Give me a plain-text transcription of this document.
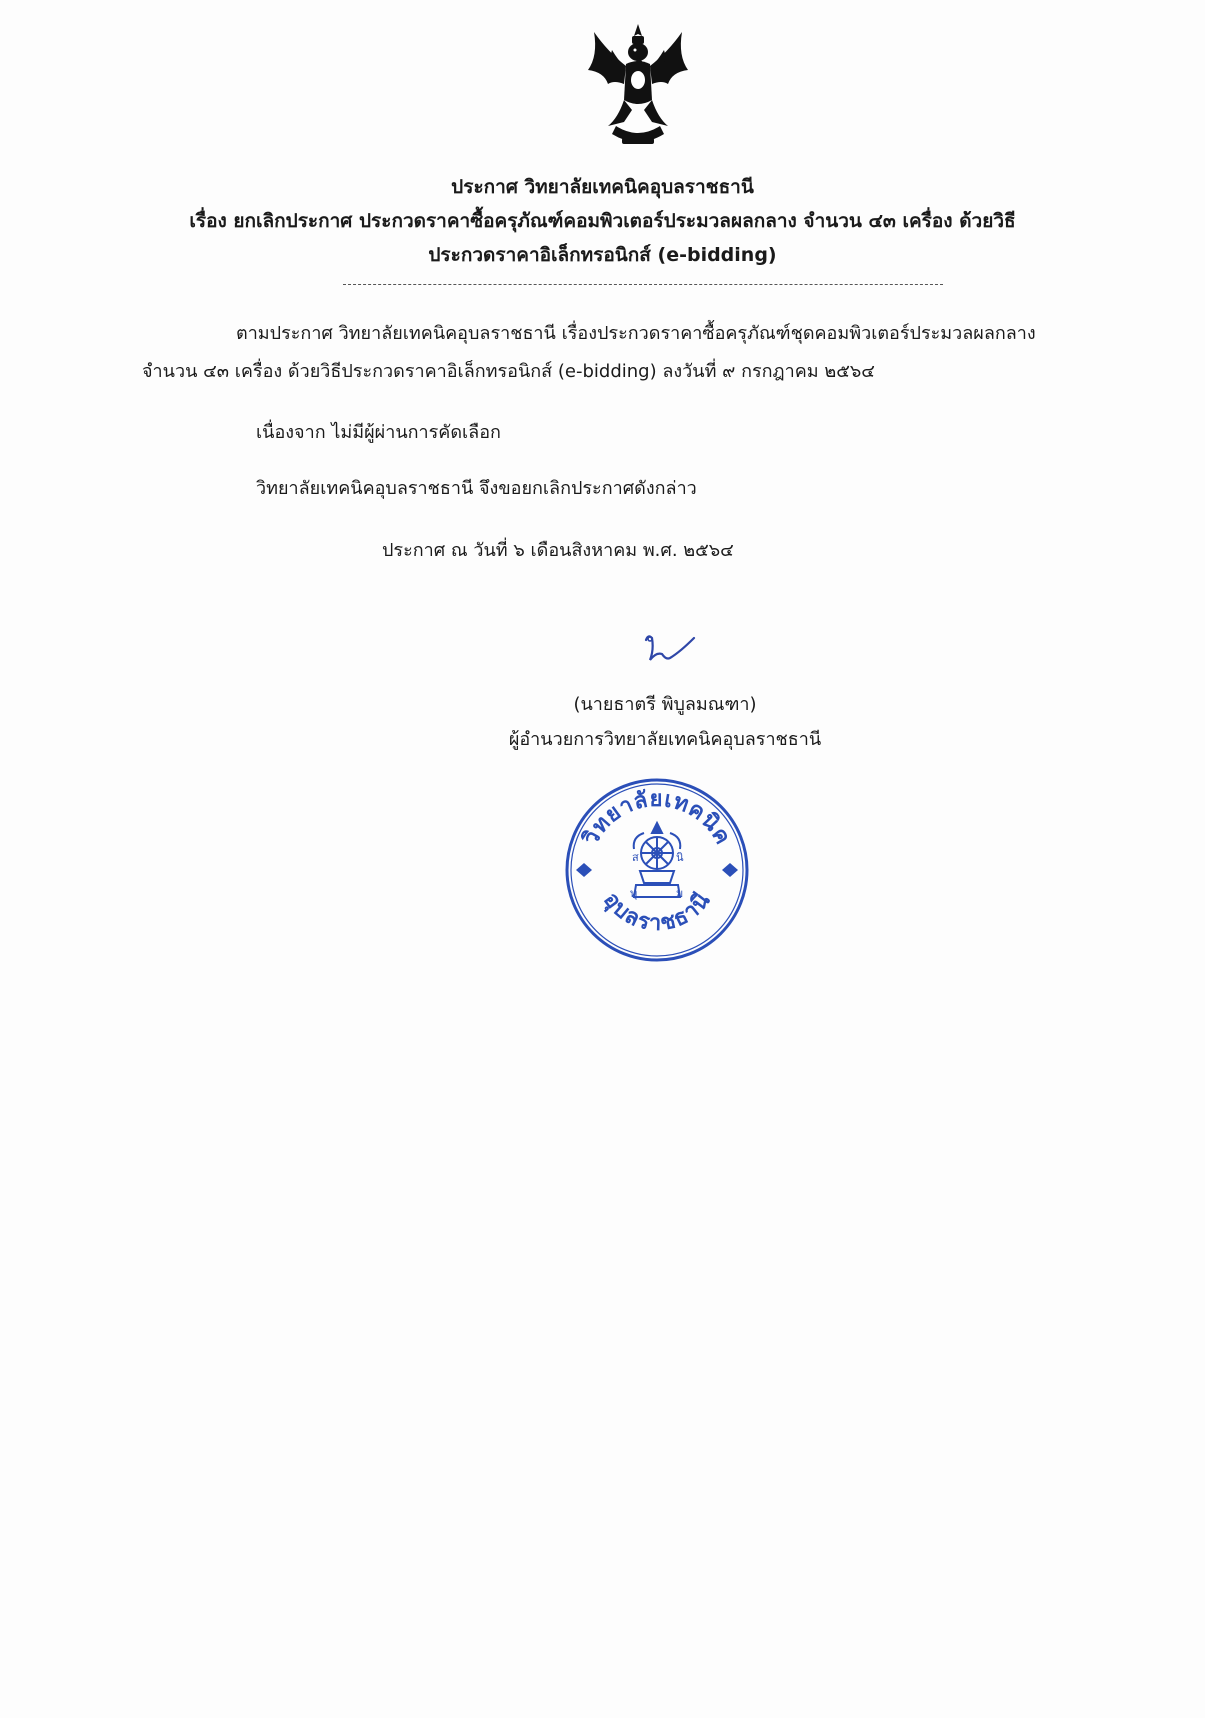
ประกาศ วิทยาลัยเทคนิคอุบลราชธานี
เรื่อง ยกเลิกประกาศ ประกวดราคาซื้อครุภัณฑ์คอมพิวเตอร์ประมวลผลกลาง จำนวน ๔๓ เครื่อง ด้วยวิธี
ประกวดราคาอิเล็กทรอนิกส์ (e-bidding)
ตามประกาศ วิทยาลัยเทคนิคอุบลราชธานี เรื่องประกวดราคาซื้อครุภัณฑ์ชุดคอมพิวเตอร์ประมวลผลกลาง
จำนวน ๔๓ เครื่อง ด้วยวิธีประกวดราคาอิเล็กทรอนิกส์ (e-bidding) ลงวันที่ ๙ กรกฎาคม ๒๕๖๔
เนื่องจาก ไม่มีผู้ผ่านการคัดเลือก
วิทยาลัยเทคนิคอุบลราชธานี จึงขอยกเลิกประกาศดังกล่าว
ประกาศ ณ วันที่ ๖ เดือนสิงหาคม พ.ศ. ๒๕๖๔
(นายธาตรี พิบูลมณฑา)
ผู้อำนวยการวิทยาลัยเทคนิคอุบลราชธานี
วิทยาลัยเทคนิค
อุบลราชธานี
ส	นิ
ทุ	ม
